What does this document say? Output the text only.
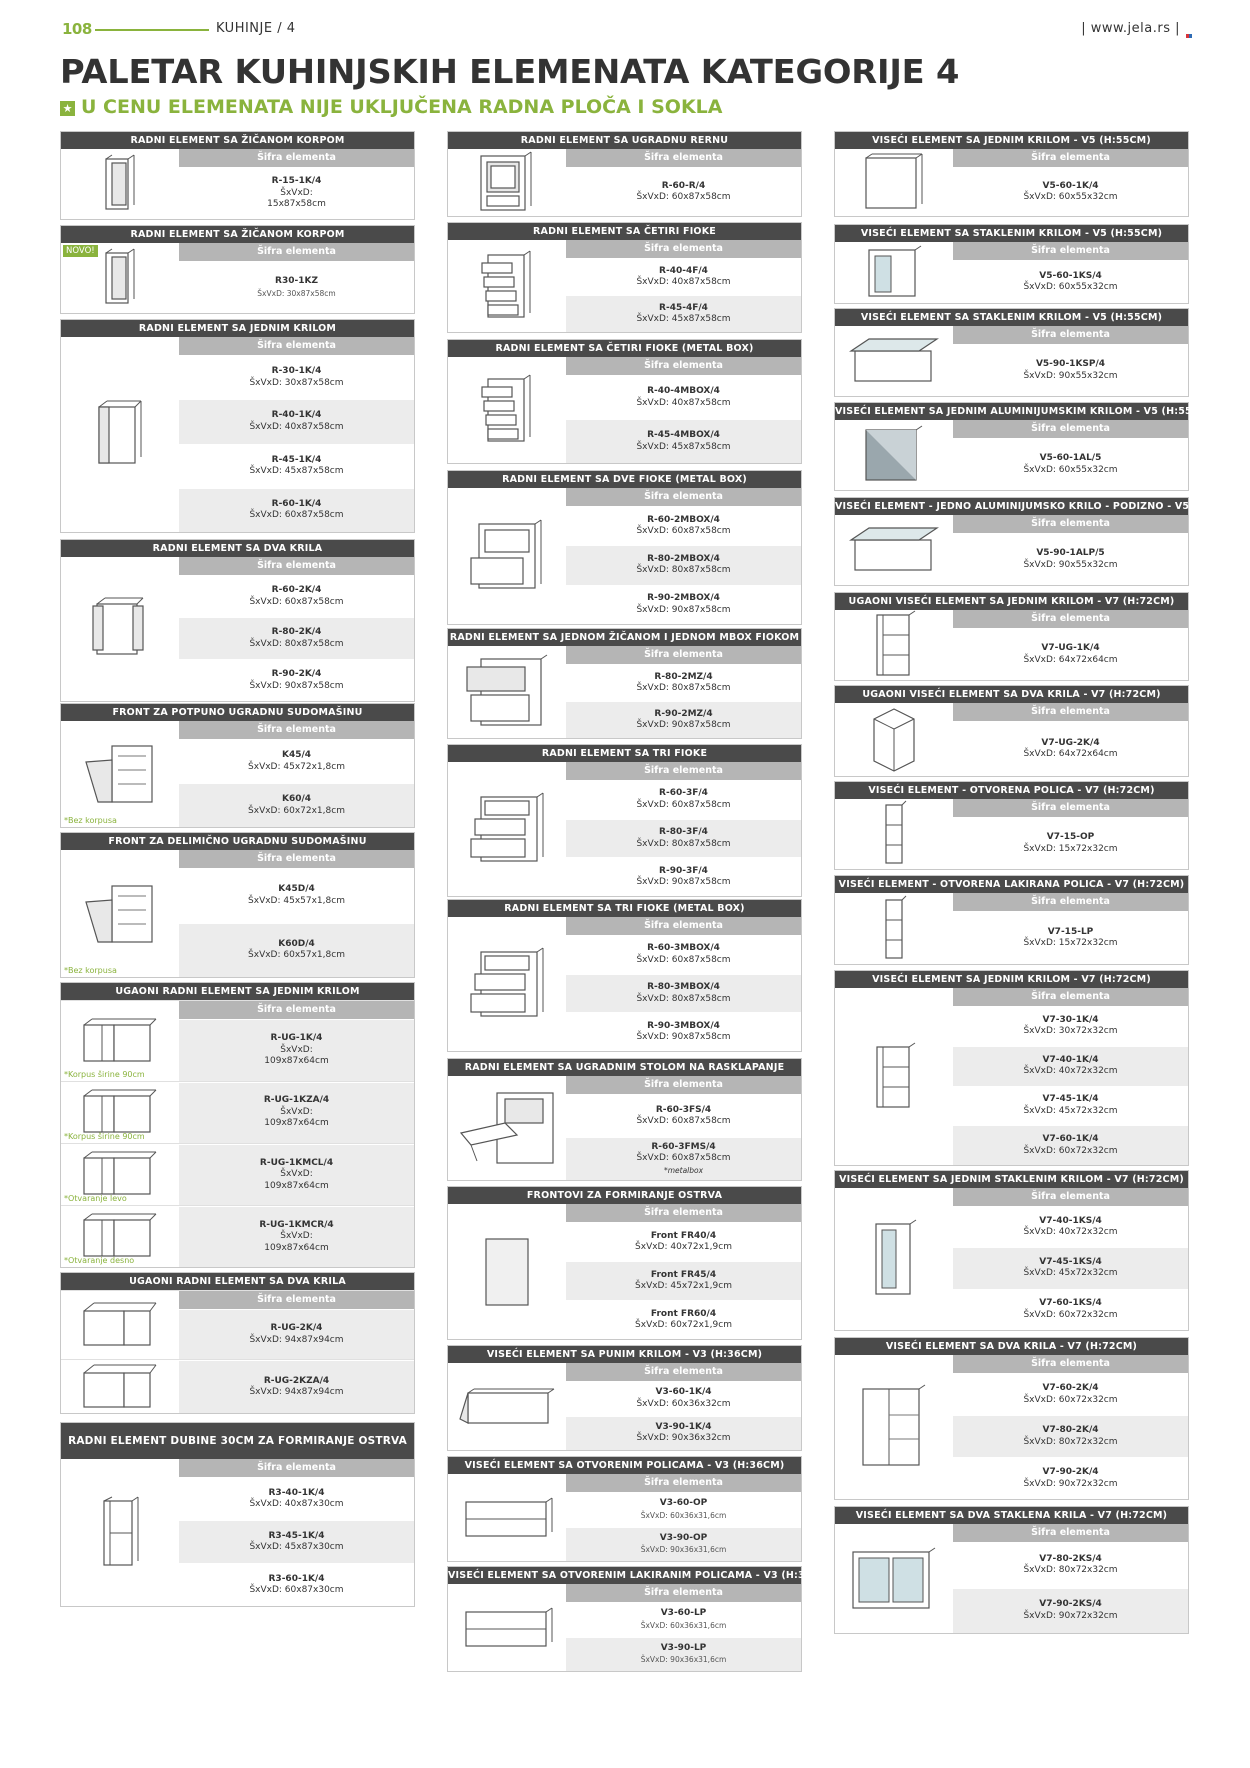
108	KUHINJE / 4	| www.jela.rs |
PALETAR KUHINJSKIH ELEMENATA KATEGORIJE 4
★ U CENU ELEMENATA NIJE UKLJUČENA RADNA PLOČA I SOKLA
RADNI ELEMENT SA ŽIČANOM KORPOM
Šifra elementa
R-15-1K/4
ŠxVxD:
15x87x58cm
RADNI ELEMENT SA ŽIČANOM KORPOM
NOVO!	Šifra elementa
R30-1KZ
ŠxVxD: 30x87x58cm
RADNI ELEMENT SA JEDNIM KRILOM
Šifra elementa
R-30-1K/4
ŠxVxD: 30x87x58cm
R-40-1K/4
ŠxVxD: 40x87x58cm
R-45-1K/4
ŠxVxD: 45x87x58cm
R-60-1K/4
ŠxVxD: 60x87x58cm
RADNI ELEMENT SA DVA KRILA
Šifra elementa
R-60-2K/4
ŠxVxD: 60x87x58cm
R-80-2K/4
ŠxVxD: 80x87x58cm
R-90-2K/4
ŠxVxD: 90x87x58cm
FRONT ZA POTPUNO UGRADNU SUDOMAŠINU
*Bez korpusa
Šifra elementa
K45/4
ŠxVxD: 45x72x1,8cm
K60/4
ŠxVxD: 60x72x1,8cm
FRONT ZA DELIMIČNO UGRADNU SUDOMAŠINU
*Bez korpusa
Šifra elementa
K45D/4
ŠxVxD: 45x57x1,8cm
K60D/4
ŠxVxD: 60x57x1,8cm
UGAONI RADNI ELEMENT SA JEDNIM KRILOM
*Korpus širine 90cm
Šifra elementa
R-UG-1K/4
ŠxVxD:
109x87x64cm
*Korpus širine 90cm
R-UG-1KZA/4
ŠxVxD:
109x87x64cm
*Otvaranje levo
R-UG-1KMCL/4
ŠxVxD:
109x87x64cm
*Otvaranje desno
R-UG-1KMCR/4
ŠxVxD:
109x87x64cm
UGAONI RADNI ELEMENT SA DVA KRILA
Šifra elementa
R-UG-2K/4
ŠxVxD: 94x87x94cm
R-UG-2KZA/4
ŠxVxD: 94x87x94cm
RADNI ELEMENT DUBINE 30CM ZA FORMIRANJE OSTRVA
Šifra elementa
R3-40-1K/4
ŠxVxD: 40x87x30cm
R3-45-1K/4
ŠxVxD: 45x87x30cm
R3-60-1K/4
ŠxVxD: 60x87x30cm
RADNI ELEMENT SA UGRADNU RERNU
Šifra elementa
R-60-R/4
ŠxVxD: 60x87x58cm
RADNI ELEMENT SA ČETIRI FIOKE
Šifra elementa
R-40-4F/4
ŠxVxD: 40x87x58cm
R-45-4F/4
ŠxVxD: 45x87x58cm
RADNI ELEMENT SA ČETIRI FIOKE (METAL BOX)
Šifra elementa
R-40-4MBOX/4
ŠxVxD: 40x87x58cm
R-45-4MBOX/4
ŠxVxD: 45x87x58cm
RADNI ELEMENT SA DVE FIOKE (METAL BOX)
Šifra elementa
R-60-2MBOX/4
ŠxVxD: 60x87x58cm
R-80-2MBOX/4
ŠxVxD: 80x87x58cm
R-90-2MBOX/4
ŠxVxD: 90x87x58cm
RADNI ELEMENT SA JEDNOM ŽIČANOM I JEDNOM MBOX FIOKOM
Šifra elementa
R-80-2MZ/4
ŠxVxD: 80x87x58cm
R-90-2MZ/4
ŠxVxD: 90x87x58cm
RADNI ELEMENT SA TRI FIOKE
Šifra elementa
R-60-3F/4
ŠxVxD: 60x87x58cm
R-80-3F/4
ŠxVxD: 80x87x58cm
R-90-3F/4
ŠxVxD: 90x87x58cm
RADNI ELEMENT SA TRI FIOKE (METAL BOX)
Šifra elementa
R-60-3MBOX/4
ŠxVxD: 60x87x58cm
R-80-3MBOX/4
ŠxVxD: 80x87x58cm
R-90-3MBOX/4
ŠxVxD: 90x87x58cm
RADNI ELEMENT SA UGRADNIM STOLOM NA RASKLAPANJE
Šifra elementa
R-60-3FS/4
ŠxVxD: 60x87x58cm
R-60-3FMS/4
ŠxVxD: 60x87x58cm
*metalbox
FRONTOVI ZA FORMIRANJE OSTRVA
Šifra elementa
Front FR40/4
ŠxVxD: 40x72x1,9cm
Front FR45/4
ŠxVxD: 45x72x1,9cm
Front FR60/4
ŠxVxD: 60x72x1,9cm
VISEĆI ELEMENT SA PUNIM KRILOM - V3 (H:36CM)
Šifra elementa
V3-60-1K/4
ŠxVxD: 60x36x32cm
V3-90-1K/4
ŠxVxD: 90x36x32cm
VISEĆI ELEMENT SA OTVORENIM POLICAMA - V3 (H:36CM)
Šifra elementa
V3-60-OP
ŠxVxD: 60x36x31,6cm
V3-90-OP
ŠxVxD: 90x36x31,6cm
VISEĆI ELEMENT SA OTVORENIM LAKIRANIM POLICAMA - V3 (H:36CM)
Šifra elementa
V3-60-LP
ŠxVxD: 60x36x31,6cm
V3-90-LP
ŠxVxD: 90x36x31,6cm
VISEĆI ELEMENT SA JEDNIM KRILOM - V5 (H:55CM)
Šifra elementa
V5-60-1K/4
ŠxVxD: 60x55x32cm
VISEĆI ELEMENT SA STAKLENIM KRILOM - V5 (H:55CM)
Šifra elementa
V5-60-1KS/4
ŠxVxD: 60x55x32cm
VISEĆI ELEMENT SA STAKLENIM KRILOM - V5 (H:55CM)
Šifra elementa
V5-90-1KSP/4
ŠxVxD: 90x55x32cm
VISEĆI ELEMENT SA JEDNIM ALUMINIJUMSKIM KRILOM - V5 (H:55CM)
Šifra elementa
V5-60-1AL/5
ŠxVxD: 60x55x32cm
VISEĆI ELEMENT - JEDNO ALUMINIJUMSKO KRILO - PODIZNO - V5 (H:55CM)
Šifra elementa
V5-90-1ALP/5
ŠxVxD: 90x55x32cm
UGAONI VISEĆI ELEMENT SA JEDNIM KRILOM - V7 (H:72CM)
Šifra elementa
V7-UG-1K/4
ŠxVxD: 64x72x64cm
UGAONI VISEĆI ELEMENT SA DVA KRILA - V7 (H:72CM)
Šifra elementa
V7-UG-2K/4
ŠxVxD: 64x72x64cm
VISEĆI ELEMENT - OTVORENA POLICA - V7 (H:72CM)
Šifra elementa
V7-15-OP
ŠxVxD: 15x72x32cm
VISEĆI ELEMENT - OTVORENA LAKIRANA POLICA - V7 (H:72CM)
Šifra elementa
V7-15-LP
ŠxVxD: 15x72x32cm
VISEĆI ELEMENT SA JEDNIM KRILOM - V7 (H:72CM)
Šifra elementa
V7-30-1K/4
ŠxVxD: 30x72x32cm
V7-40-1K/4
ŠxVxD: 40x72x32cm
V7-45-1K/4
ŠxVxD: 45x72x32cm
V7-60-1K/4
ŠxVxD: 60x72x32cm
VISEĆI ELEMENT SA JEDNIM STAKLENIM KRILOM - V7 (H:72CM)
Šifra elementa
V7-40-1KS/4
ŠxVxD: 40x72x32cm
V7-45-1KS/4
ŠxVxD: 45x72x32cm
V7-60-1KS/4
ŠxVxD: 60x72x32cm
VISEĆI ELEMENT SA DVA KRILA - V7 (H:72CM)
Šifra elementa
V7-60-2K/4
ŠxVxD: 60x72x32cm
V7-80-2K/4
ŠxVxD: 80x72x32cm
V7-90-2K/4
ŠxVxD: 90x72x32cm
VISEĆI ELEMENT SA DVA STAKLENA KRILA - V7 (H:72CM)
Šifra elementa
V7-80-2KS/4
ŠxVxD: 80x72x32cm
V7-90-2KS/4
ŠxVxD: 90x72x32cm
